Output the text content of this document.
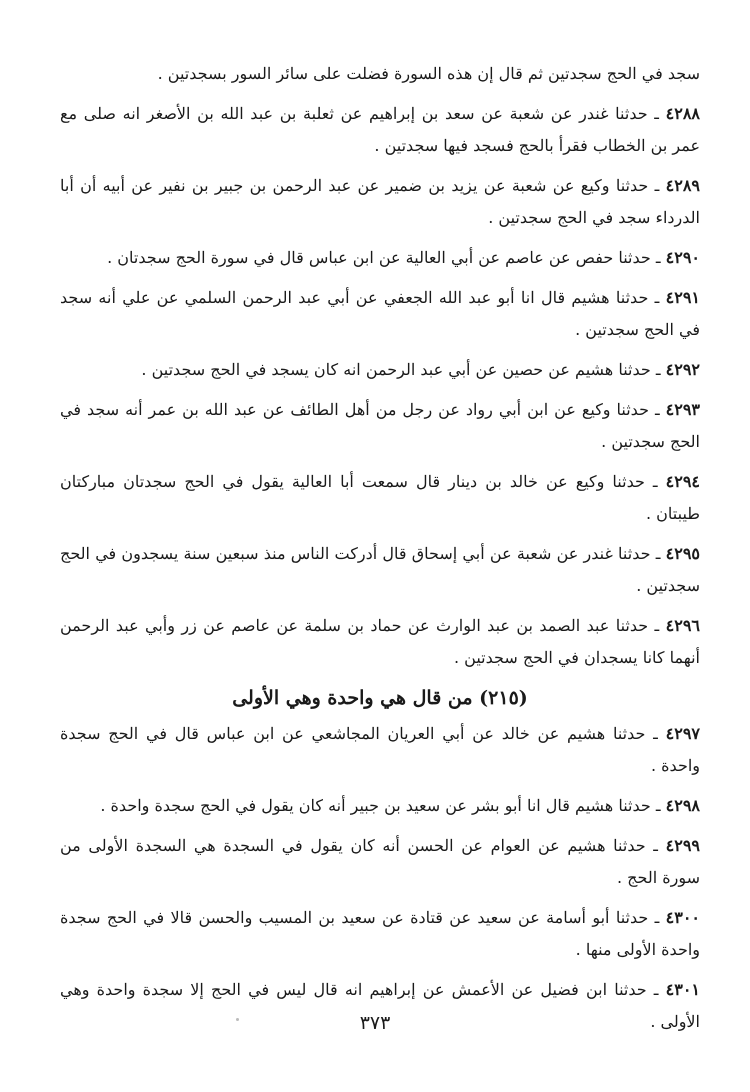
سجد في الحج سجدتين ثم قال إن هذه السورة فضلت على سائر السور بسجدتين .

٤٢٨٨ ـ حدثنا غندر عن شعبة عن سعد بن إبراهيم عن ثعلبة بن عبد الله بن الأصغر انه صلى مع عمر بن الخطاب فقرأ بالحج فسجد فيها سجدتين .

٤٢٨٩ ـ حدثنا وكيع عن شعبة عن يزيد بن ضمير عن عبد الرحمن بن جبير بن نفير عن أبيه أن أبا الدرداء سجد في الحج سجدتين .

٤٢٩٠ ـ حدثنا حفص عن عاصم عن أبي العالية عن ابن عباس قال في سورة الحج سجدتان .

٤٢٩١ ـ حدثنا هشيم قال انا أبو عبد الله الجعفي عن أبي عبد الرحمن السلمي عن علي أنه سجد في الحج سجدتين .

٤٢٩٢ ـ حدثنا هشيم عن حصين عن أبي عبد الرحمن انه كان يسجد في الحج سجدتين .

٤٢٩٣ ـ حدثنا وكيع عن ابن أبي رواد عن رجل من أهل الطائف عن عبد الله بن عمر أنه سجد في الحج سجدتين .

٤٢٩٤ ـ حدثنا وكيع عن خالد بن دينار قال سمعت أبا العالية يقول في الحج سجدتان مباركتان طيبتان .

٤٢٩٥ ـ حدثنا غندر عن شعبة عن أبي إسحاق قال أدركت الناس منذ سبعين سنة يسجدون في الحج سجدتين .

٤٢٩٦ ـ حدثنا عبد الصمد بن عبد الوارث عن حماد بن سلمة عن عاصم عن زر وأبي عبد الرحمن أنهما كانا يسجدان في الحج سجدتين .

(٢١٥) من قال هي واحدة وهي الأولى

٤٢٩٧ ـ حدثنا هشيم عن خالد عن أبي العريان المجاشعي عن ابن عباس قال في الحج سجدة واحدة .

٤٢٩٨ ـ حدثنا هشيم قال انا أبو بشر عن سعيد بن جبير أنه كان يقول في الحج سجدة واحدة .

٤٢٩٩ ـ حدثنا هشيم عن العوام عن الحسن أنه كان يقول في السجدة هي السجدة الأولى من سورة الحج .

٤٣٠٠ ـ حدثنا أبو أسامة عن سعيد عن قتادة عن سعيد بن المسيب والحسن قالا في الحج سجدة واحدة الأولى منها .

٤٣٠١ ـ حدثنا ابن فضيل عن الأعمش عن إبراهيم انه قال ليس في الحج إلا سجدة واحدة وهي الأولى .

٣٧٣
